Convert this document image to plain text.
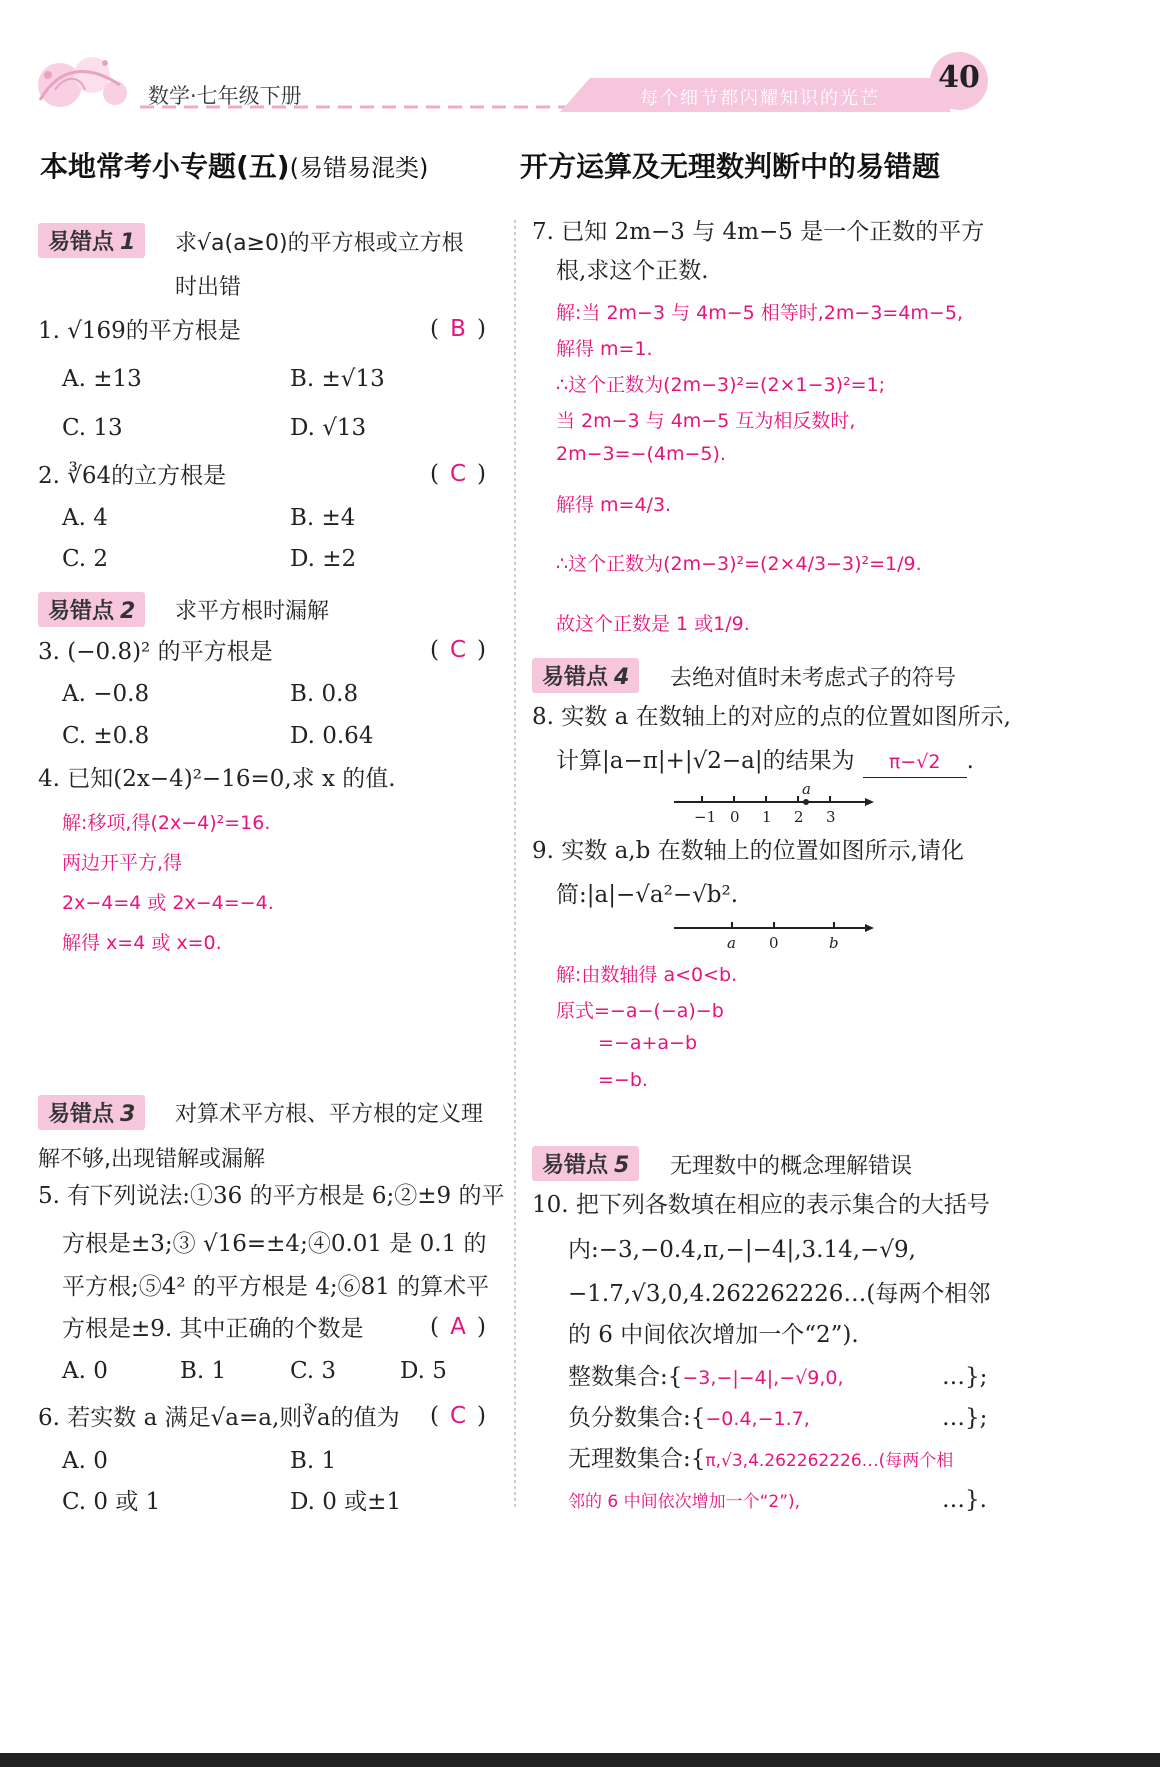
数学·七年级下册	每个细节都闪耀知识的光芒
40
本地常考小专题(五)(易错易混类)	开方运算及无理数判断中的易错题
易错点 1	求√a(a≥0)的平方根或立方根
时出错
1. √169的平方根是	( B )
A. ±13	B. ±√13
C. 13	D. √13
2. ∛64的立方根是	( C )
A. 4	B. ±4
C. 2	D. ±2
易错点 2	求平方根时漏解
3. (−0.8)² 的平方根是	( C )
A. −0.8	B. 0.8
C. ±0.8	D. 0.64
4. 已知(2x−4)²−16=0,求 x 的值.
解:移项,得(2x−4)²=16.
两边开平方,得
2x−4=4 或 2x−4=−4.
解得 x=4 或 x=0.
易错点 3	对算术平方根、平方根的定义理
解不够,出现错解或漏解
5. 有下列说法:①36 的平方根是 6;②±9 的平
方根是±3;③ √16=±4;④0.01 是 0.1 的
平方根;⑤4² 的平方根是 4;⑥81 的算术平
方根是±9. 其中正确的个数是	( A )
A. 0	B. 1	C. 3	D. 5
6. 若实数 a 满足√a=a,则∛a的值为 ( C )
A. 0	B. 1
C. 0 或 1	D. 0 或±1
7. 已知 2m−3 与 4m−5 是一个正数的平方
根,求这个正数.
解:当 2m−3 与 4m−5 相等时,2m−3=4m−5,
解得 m=1.
∴这个正数为(2m−3)²=(2×1−3)²=1;
当 2m−3 与 4m−5 互为相反数时,
2m−3=−(4m−5).
解得 m=4/3.
∴这个正数为(2m−3)²=(2×4/3−3)²=1/9.
故这个正数是 1 或1/9.
易错点 4	去绝对值时未考虑式子的符号
8. 实数 a 在数轴上的对应的点的位置如图所示,
计算|a−π|+|√2−a|的结果为 π−√2 .
−1 0 1 2 3
a
9. 实数 a,b 在数轴上的位置如图所示,请化
简:|a|−√a²−√b².
a 0	b
解:由数轴得 a<0<b.
原式=−a−(−a)−b
=−a+a−b
=−b.
易错点 5	无理数中的概念理解错误
10. 把下列各数填在相应的表示集合的大括号
内:−3,−0.4,π,−|−4|,3.14,−√9,
−1.7,√3,0,4.262262226…(每两个相邻
的 6 中间依次增加一个“2”).
整数集合:{−3,−|−4|,−√9,0,	…};
负分数集合:{−0.4,−1.7,	…};
无理数集合:{π,√3,4.262262226…(每两个相
邻的 6 中间依次增加一个“2”),	…}.
